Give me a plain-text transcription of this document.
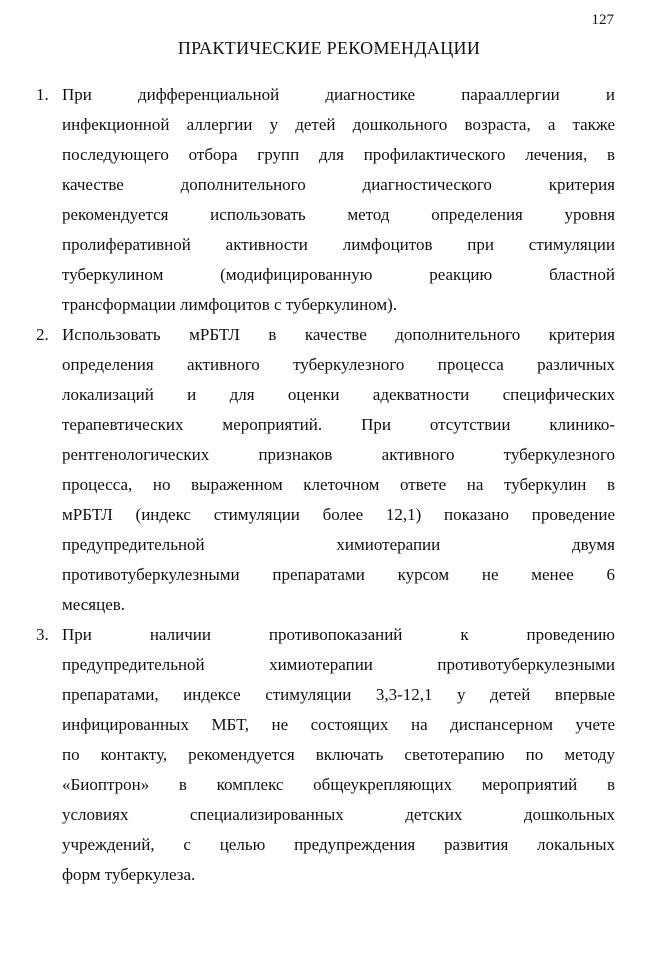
127
ПРАКТИЧЕСКИЕ РЕКОМЕНДАЦИИ
1. При дифференциальной диагностике парааллергии и
инфекционной аллергии у детей дошкольного возраста, а также
последующего отбора групп для профилактического лечения, в
качестве дополнительного диагностического критерия
рекомендуется использовать метод определения уровня
пролиферативной активности лимфоцитов при стимуляции
туберкулином (модифицированную реакцию бластной
трансформации лимфоцитов с туберкулином).
2. Использовать мРБТЛ в качестве дополнительного критерия
определения активного туберкулезного процесса различных
локализаций и для оценки адекватности специфических
терапевтических мероприятий. При отсутствии клинико-
рентгенологических признаков активного туберкулезного
процесса, но выраженном клеточном ответе на туберкулин в
мРБТЛ (индекс стимуляции более 12,1) показано проведение
предупредительной химиотерапии двумя
противотуберкулезными препаратами курсом не менее 6
месяцев.
3. При наличии противопоказаний к проведению
предупредительной химиотерапии противотуберкулезными
препаратами, индексе стимуляции 3,3-12,1 у детей впервые
инфицированных МБТ, не состоящих на диспансерном учете
по контакту, рекомендуется включать светотерапию по методу
«Биоптрон» в комплекс общеукрепляющих мероприятий в
условиях специализированных детских дошкольных
учреждений, с целью предупреждения развития локальных
форм туберкулеза.
